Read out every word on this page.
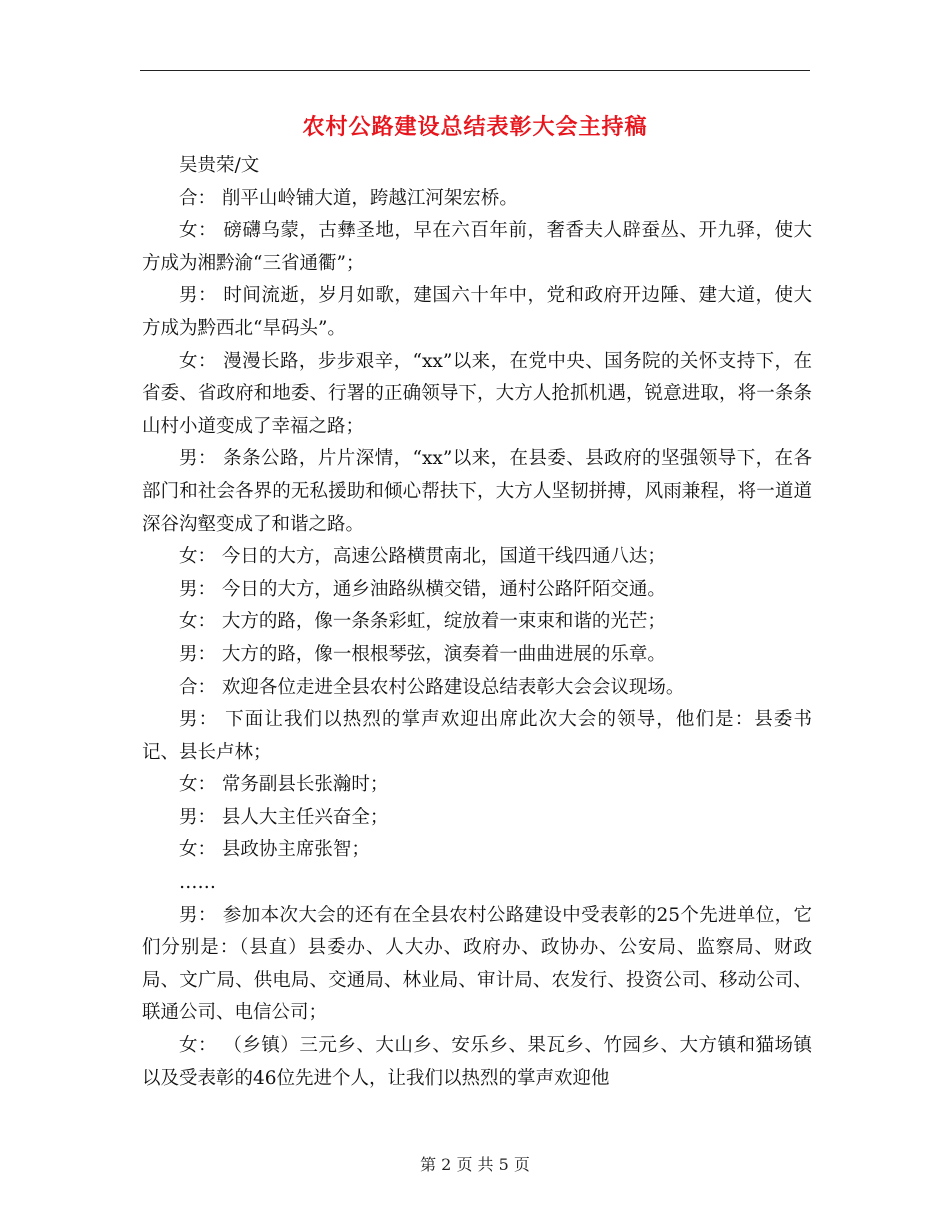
农村公路建设总结表彰大会主持稿

吴贵荣/文

合： 削平山岭铺大道，跨越江河架宏桥。

女： 磅礴乌蒙，古彝圣地，早在六百年前，奢香夫人辟蚕丛、开九驿，使大方成为湘黔渝“三省通衢”；

男： 时间流逝，岁月如歌，建国六十年中，党和政府开边陲、建大道，使大方成为黔西北“旱码头”。

女： 漫漫长路，步步艰辛，“xx”以来，在党中央、国务院的关怀支持下，在省委、省政府和地委、行署的正确领导下，大方人抢抓机遇，锐意进取，将一条条山村小道变成了幸福之路；

男： 条条公路，片片深情，“xx”以来，在县委、县政府的坚强领导下，在各部门和社会各界的无私援助和倾心帮扶下，大方人坚韧拼搏，风雨兼程，将一道道深谷沟壑变成了和谐之路。

女： 今日的大方，高速公路横贯南北，国道干线四通八达；

男： 今日的大方，通乡油路纵横交错，通村公路阡陌交通。

女： 大方的路，像一条条彩虹，绽放着一束束和谐的光芒；

男： 大方的路，像一根根琴弦，演奏着一曲曲进展的乐章。

合： 欢迎各位走进全县农村公路建设总结表彰大会会议现场。

男： 下面让我们以热烈的掌声欢迎出席此次大会的领导，他们是：县委书记、县长卢林；

女： 常务副县长张瀚时；

男： 县人大主任兴奋全；

女： 县政协主席张智；

……

男： 参加本次大会的还有在全县农村公路建设中受表彰的25个先进单位，它们分别是：（县直）县委办、人大办、政府办、政协办、公安局、监察局、财政局、文广局、供电局、交通局、林业局、审计局、农发行、投资公司、移动公司、联通公司、电信公司；

女： （乡镇）三元乡、大山乡、安乐乡、果瓦乡、竹园乡、大方镇和猫场镇以及受表彰的46位先进个人，让我们以热烈的掌声欢迎他

第 2 页 共 5 页
